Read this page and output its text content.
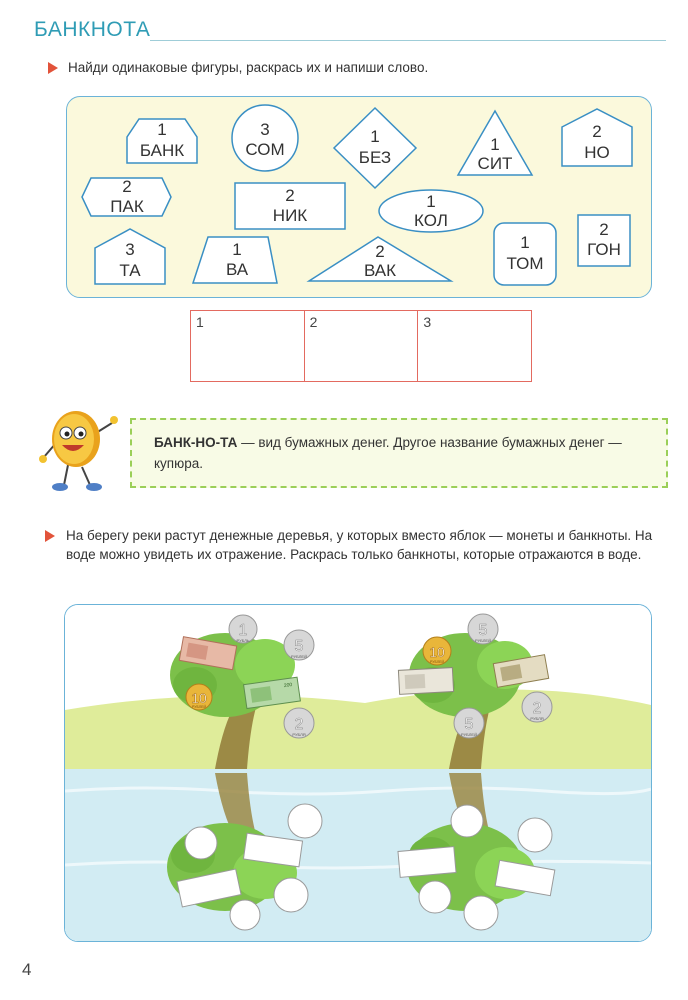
БАНКНОТА
Найди одинаковые фигуры, раскрась их и напиши слово.
1
БАНК
3
СОМ
1
БЕЗ
1
СИТ
2
НО
2
ПАК
2
НИК
1
КОЛ	2
ГОН
3
ТА
1
ВА
2
ВАК
1
ТОМ
1	2	3
БАНК-НО-ТА — вид бумажных денег. Другое название бумажных денег — купюра.
На берегу реки растут денежные деревья, у которых вместо яблок — монеты и банкноты. На воде можно увидеть их отражение. Раскрась только банкноты, которые отражаются в воде.
1
РУБЛЬ	5
РУБЛЕЙ
10
РУБЛЕЙ
2
РУБЛЯ
200
10
РУБЛЕЙ
5
РУБЛЕЙ
2
РУБЛЯ
5
РУБЛЕЙ
4
